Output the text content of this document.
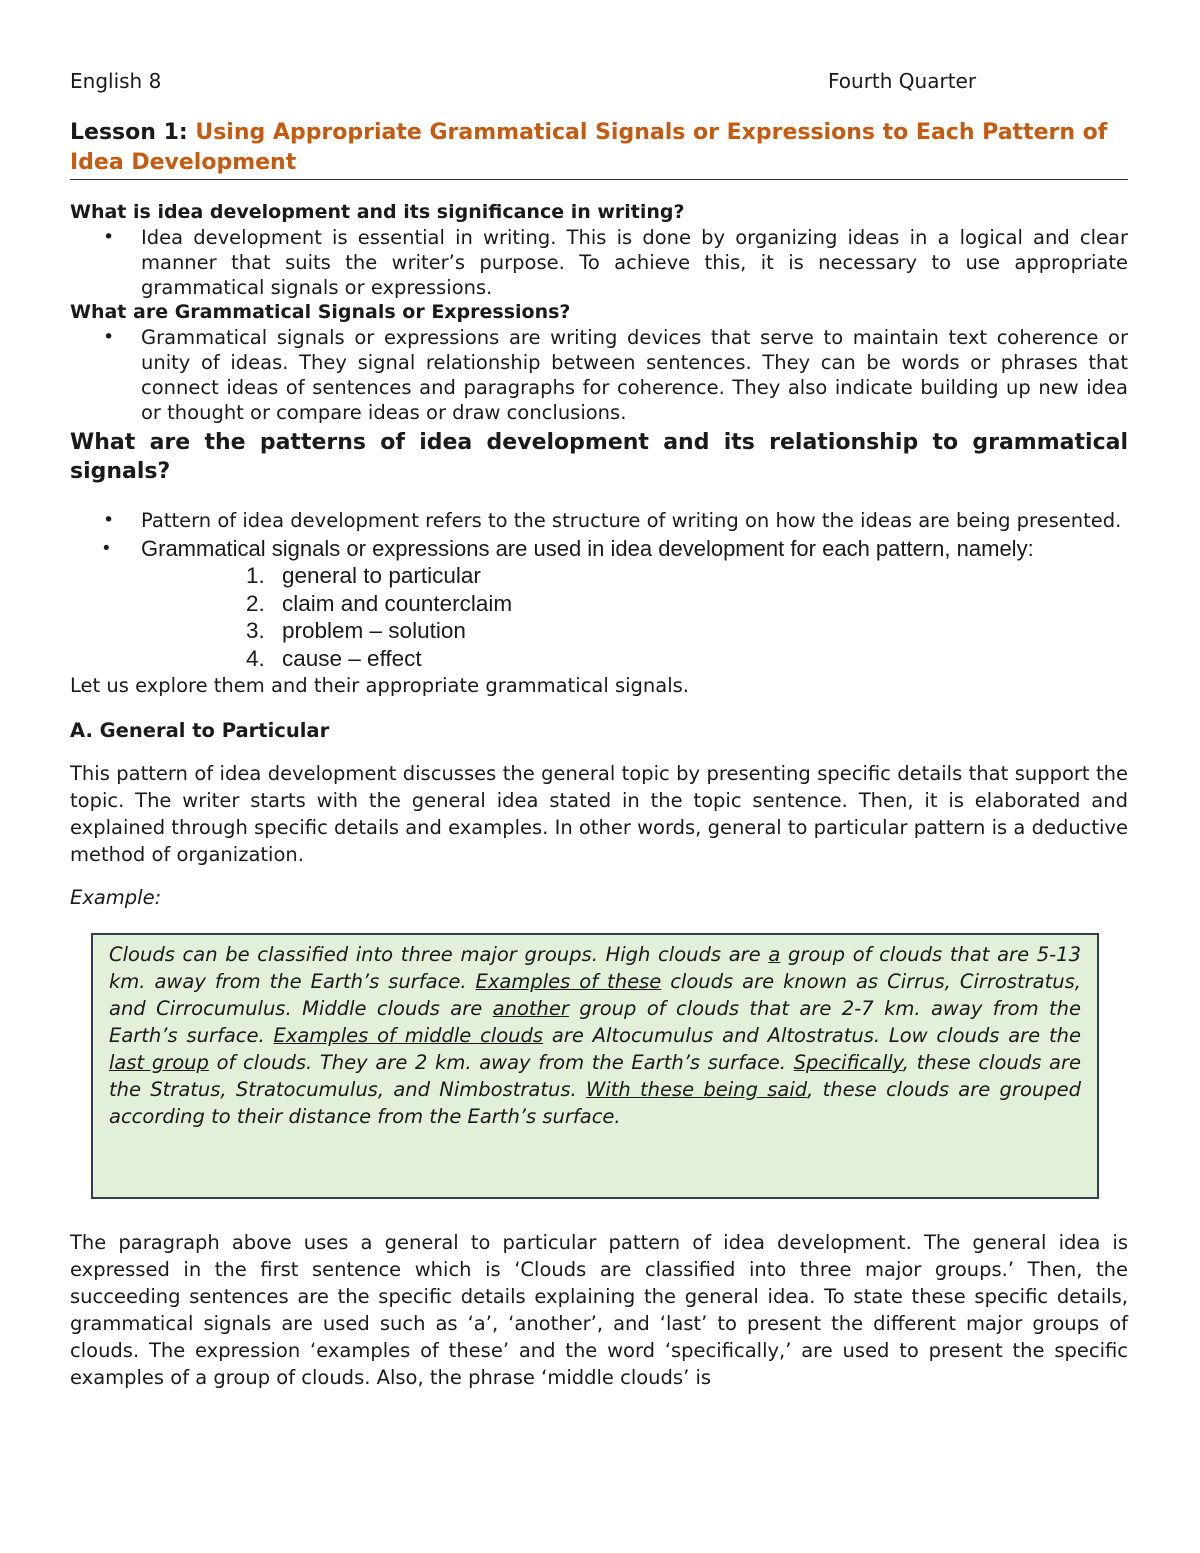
English 8	Fourth Quarter
Lesson 1: Using Appropriate Grammatical Signals or Expressions to Each Pattern of Idea Development

What is idea development and its significance in writing?

• Idea development is essential in writing. This is done by organizing ideas in a logical and clear manner that suits the writer’s purpose. To achieve this, it is necessary to use appropriate grammatical signals or expressions.

What are Grammatical Signals or Expressions?

• Grammatical signals or expressions are writing devices that serve to maintain text coherence or unity of ideas. They signal relationship between sentences. They can be words or phrases that connect ideas of sentences and paragraphs for coherence. They also indicate building up new idea or thought or compare ideas or draw conclusions.

What are the patterns of idea development and its relationship to grammatical signals?

• Pattern of idea development refers to the structure of writing on how the ideas are being presented.
• Grammatical signals or expressions are used in idea development for each pattern, namely:
1. general to particular
2. claim and counterclaim
3. problem – solution
4. cause – effect

Let us explore them and their appropriate grammatical signals.

A. General to Particular

This pattern of idea development discusses the general topic by presenting specific details that support the topic. The writer starts with the general idea stated in the topic sentence. Then, it is elaborated and explained through specific details and examples. In other words, general to particular pattern is a deductive method of organization.

Example:
Clouds can be classified into three major groups. High clouds are a group of clouds that are 5-13 km. away from the Earth’s surface. Examples of these clouds are known as Cirrus, Cirrostratus, and Cirrocumulus. Middle clouds are another group of clouds that are 2-7 km. away from the Earth’s surface. Examples of middle clouds are Altocumulus and Altostratus. Low clouds are the last group of clouds. They are 2 km. away from the Earth’s surface. Specifically, these clouds are the Stratus, Stratocumulus, and Nimbostratus. With these being said, these clouds are grouped according to their distance from the Earth’s surface.

The paragraph above uses a general to particular pattern of idea development. The general idea is expressed in the first sentence which is ‘Clouds are classified into three major groups.’ Then, the succeeding sentences are the specific details explaining the general idea. To state these specific details, grammatical signals are used such as ‘a’, ‘another’, and ‘last’ to present the different major groups of clouds. The expression ‘examples of these’ and the word ‘specifically,’ are used to present the specific examples of a group of clouds. Also, the phrase ‘middle clouds’ is
